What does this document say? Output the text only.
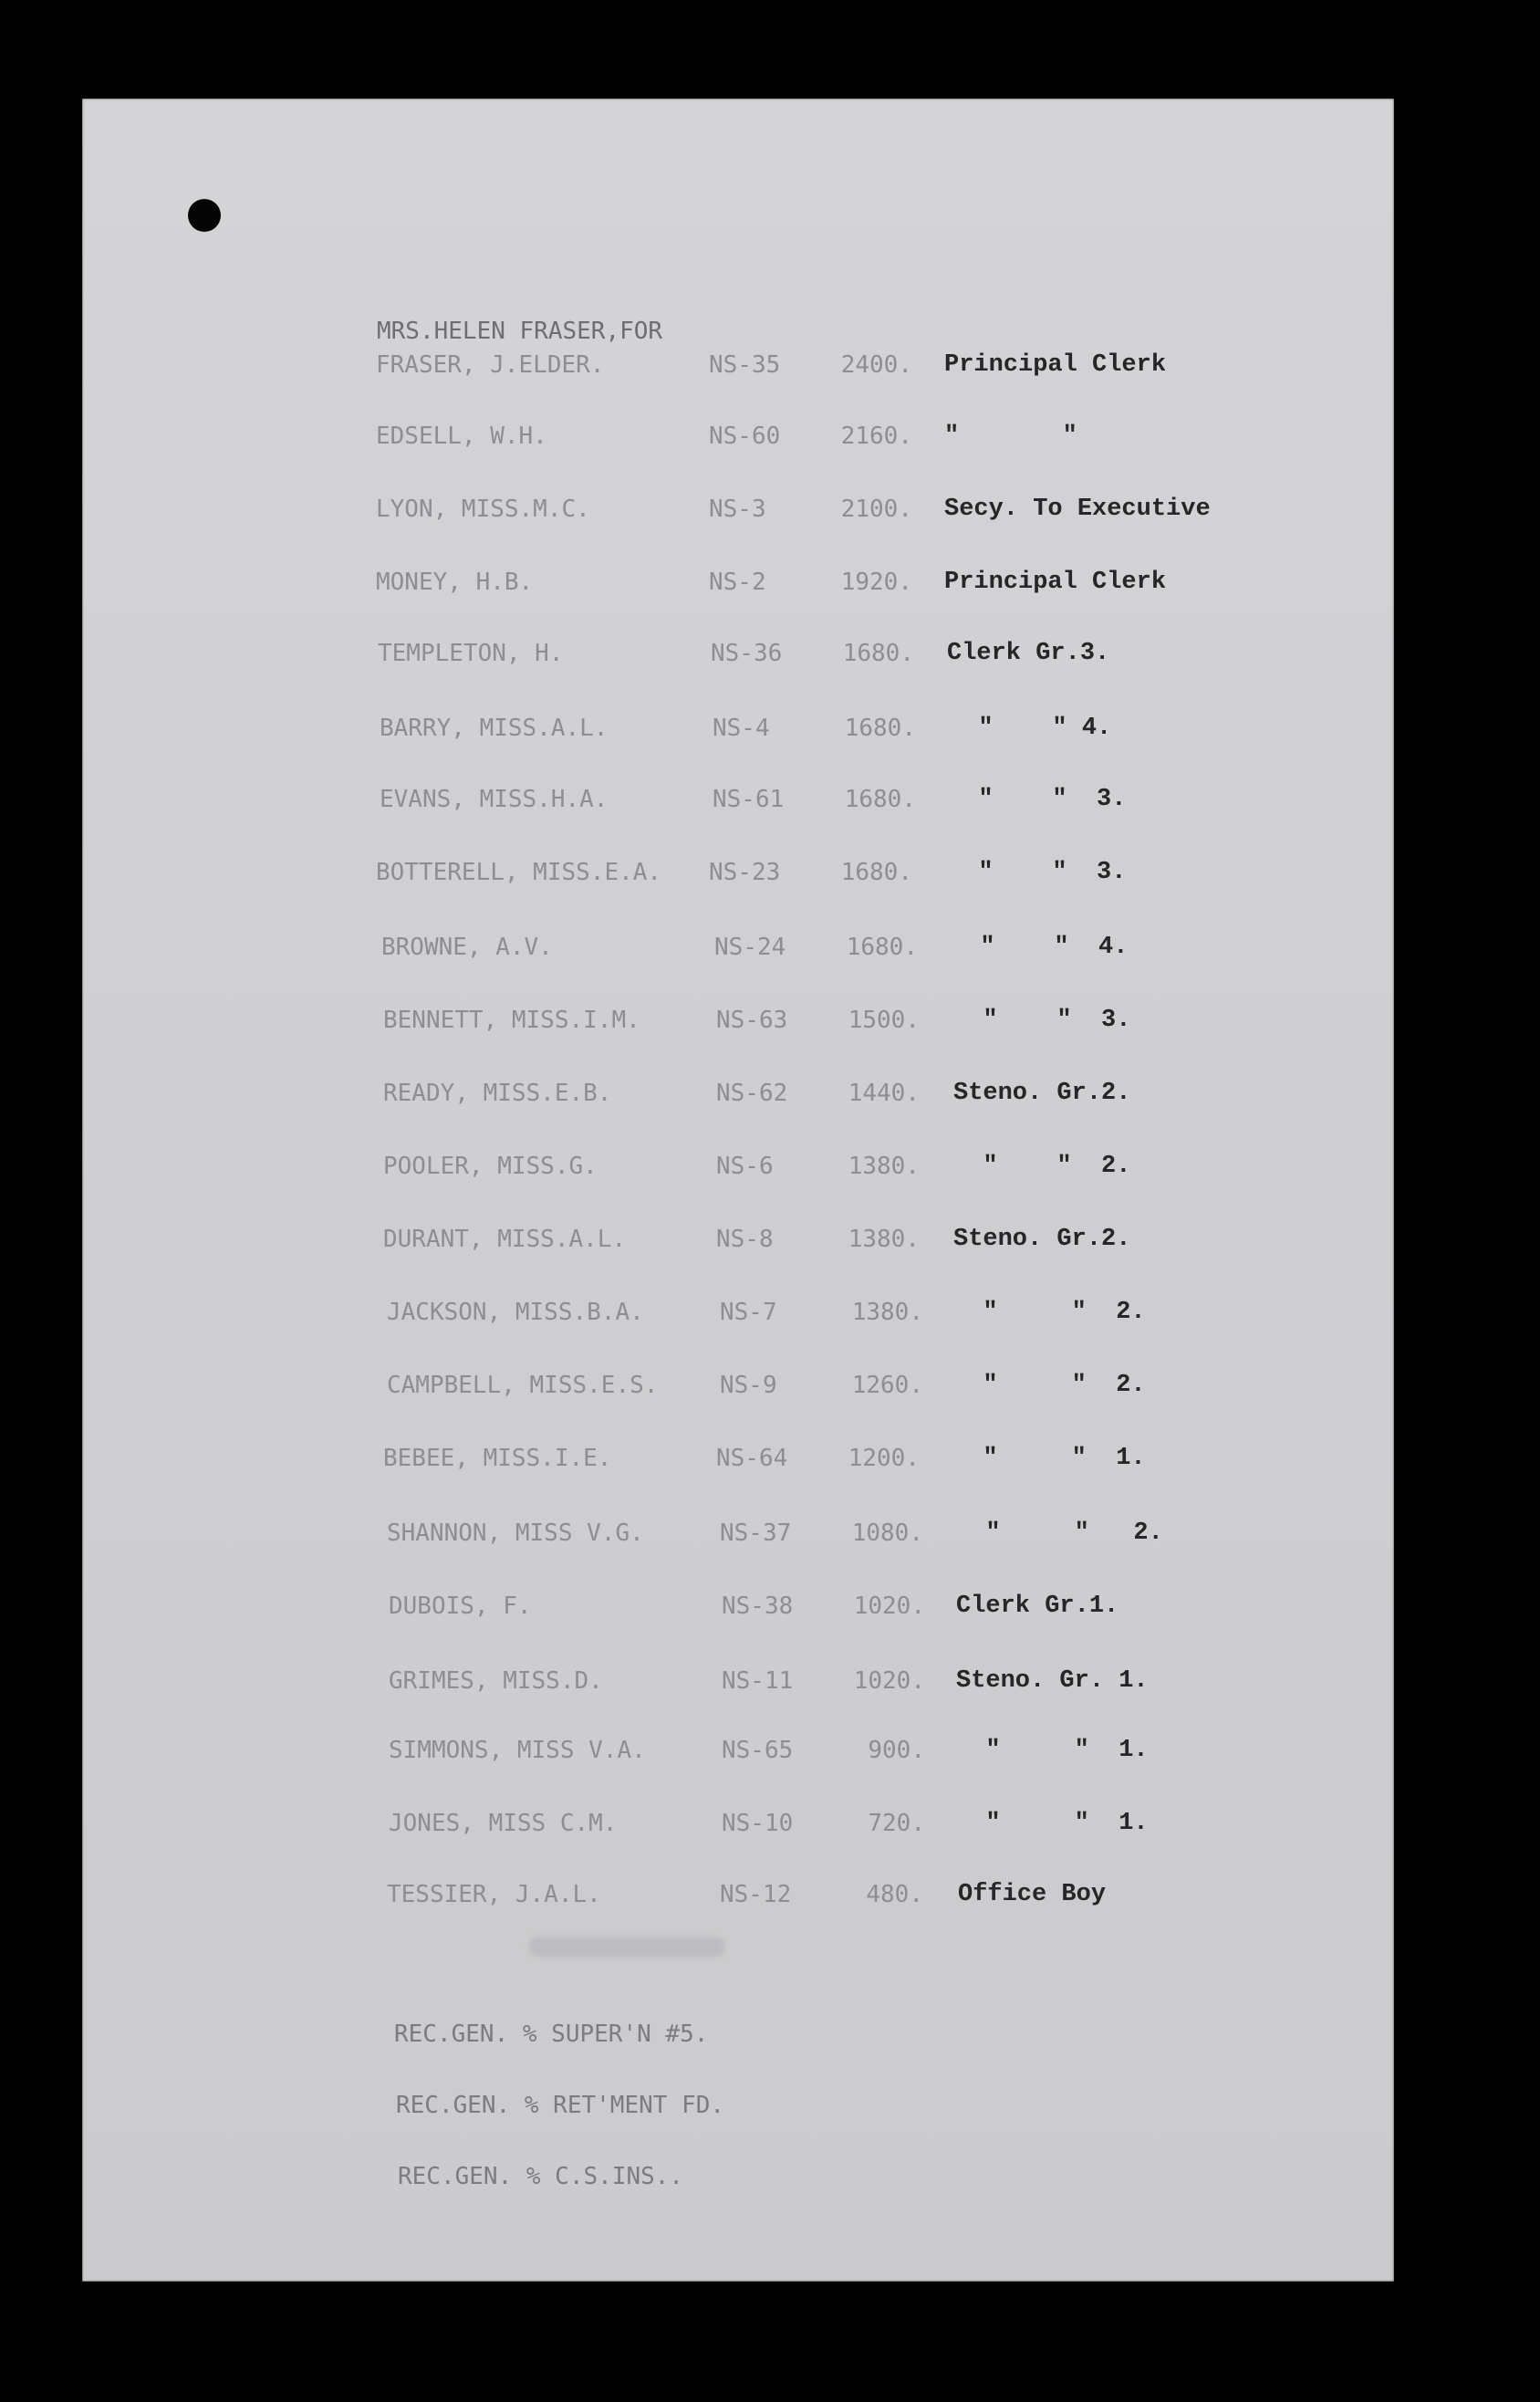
MRS.HELEN FRASER,FOR
FRASER, J.ELDER.	NS-35	2400. Principal Clerk
EDSELL, W.H.	NS-60	2160. "       "
LYON, MISS.M.C.	NS-3	2100. Secy. To Executive
MONEY, H.B.	NS-2	1920. Principal Clerk
TEMPLETON, H.	NS-36	1680. Clerk Gr.3.
BARRY, MISS.A.L.	NS-4	1680. "    " 4.
EVANS, MISS.H.A.	NS-61	1680. "    "  3.
BOTTERELL, MISS.E.A. NS-23	1680. "    "  3.
BROWNE, A.V.	NS-24	1680. "    "  4.
BENNETT, MISS.I.M.	NS-63	1500. "    "  3.
READY, MISS.E.B.	NS-62	1440. Steno. Gr.2.
POOLER, MISS.G.	NS-6	1380. "    "  2.
DURANT, MISS.A.L.	NS-8	1380. Steno. Gr.2.
JACKSON, MISS.B.A.	NS-7	1380. "     "  2.
CAMPBELL, MISS.E.S.	NS-9	1260. "     "  2.
BEBEE, MISS.I.E.	NS-64	1200. "     "  1.
SHANNON, MISS V.G.	NS-37	1080. "     "   2.
DUBOIS, F.	NS-38	1020. Clerk Gr.1.
GRIMES, MISS.D.	NS-11	1020. Steno. Gr. 1.
SIMMONS, MISS V.A.	NS-65	900. "     "  1.
JONES, MISS C.M.	NS-10	720. "     "  1.
TESSIER, J.A.L.	NS-12	480. Office Boy
REC.GEN. % SUPER'N #5.
REC.GEN. % RET'MENT FD.
REC.GEN. % C.S.INS..
